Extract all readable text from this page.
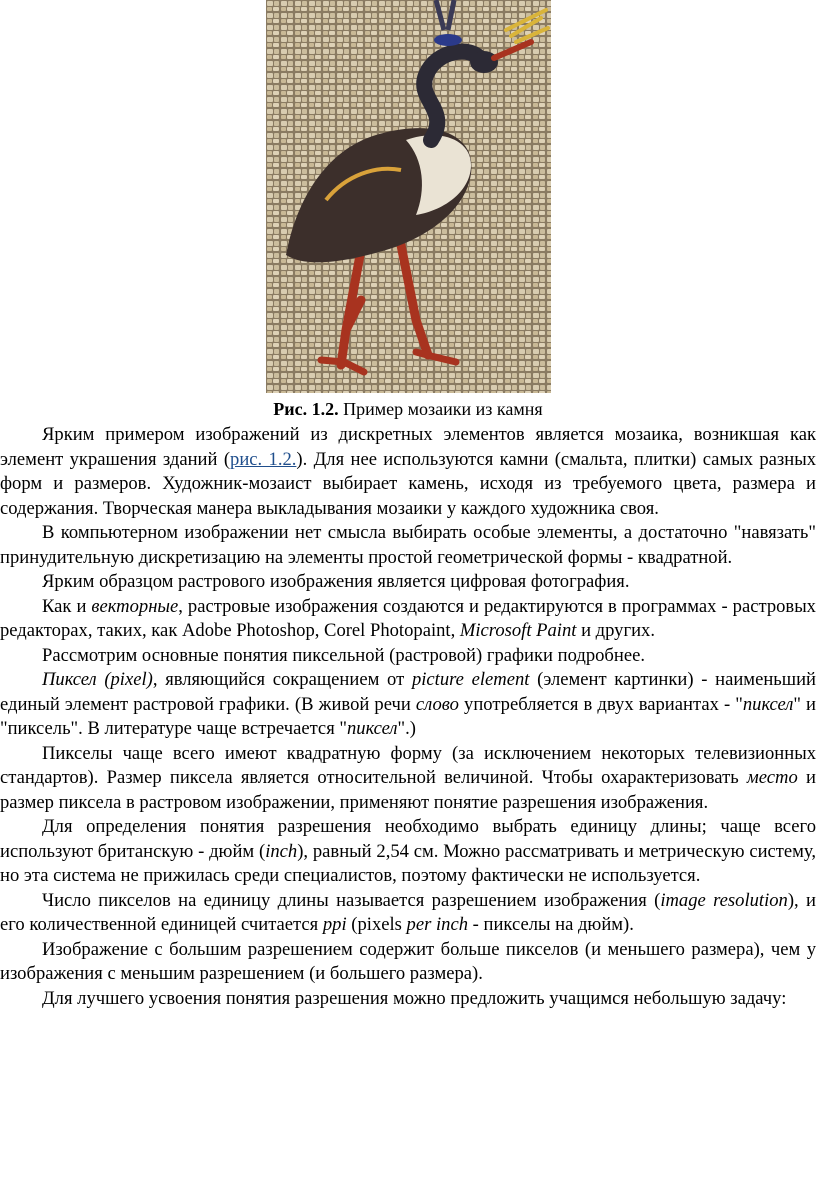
Рис. 1.2. Пример мозаики из камня

Ярким примером изображений из дискретных элементов является мозаика, возникшая как элемент украшения зданий (рис. 1.2.). Для нее используются камни (смальта, плитки) самых разных форм и размеров. Художник-мозаист выбирает камень, исходя из требуемого цвета, размера и содержания. Творческая манера выкладывания мозаики у каждого художника своя.

В компьютерном изображении нет смысла выбирать особые элементы, а достаточно "навязать" принудительную дискретизацию на элементы простой геометрической формы - квадратной.

Ярким образцом растрового изображения является цифровая фотография.

Как и векторные, растровые изображения создаются и редактируются в программах - растровых редакторах, таких, как Adobe Photoshop, Corel Photopaint, Microsoft Paint и других.

Рассмотрим основные понятия пиксельной (растровой) графики подробнее.

Пиксел (pixel), являющийся сокращением от picture element (элемент картинки) - наименьший единый элемент растровой графики. (В живой речи слово употребляется в двух вариантах - "пиксел" и "пиксель". В литературе чаще встречается "пиксел".)

Пикселы чаще всего имеют квадратную форму (за исключением некоторых телевизионных стандартов). Размер пиксела является относительной величиной. Чтобы охарактеризовать место и размер пиксела в растровом изображении, применяют понятие разрешения изображения.

Для определения понятия разрешения необходимо выбрать единицу длины; чаще всего используют британскую - дюйм (inch), равный 2,54 см. Можно рассматривать и метрическую систему, но эта система не прижилась среди специалистов, поэтому фактически не используется.

Число пикселов на единицу длины называется разрешением изображения (image resolution), и его количественной единицей считается ppi (pixels per inch - пикселы на дюйм).

Изображение с большим разрешением содержит больше пикселов (и меньшего размера), чем у изображения с меньшим разрешением (и большего размера).

Для лучшего усвоения понятия разрешения можно предложить учащимся небольшую задачу:
